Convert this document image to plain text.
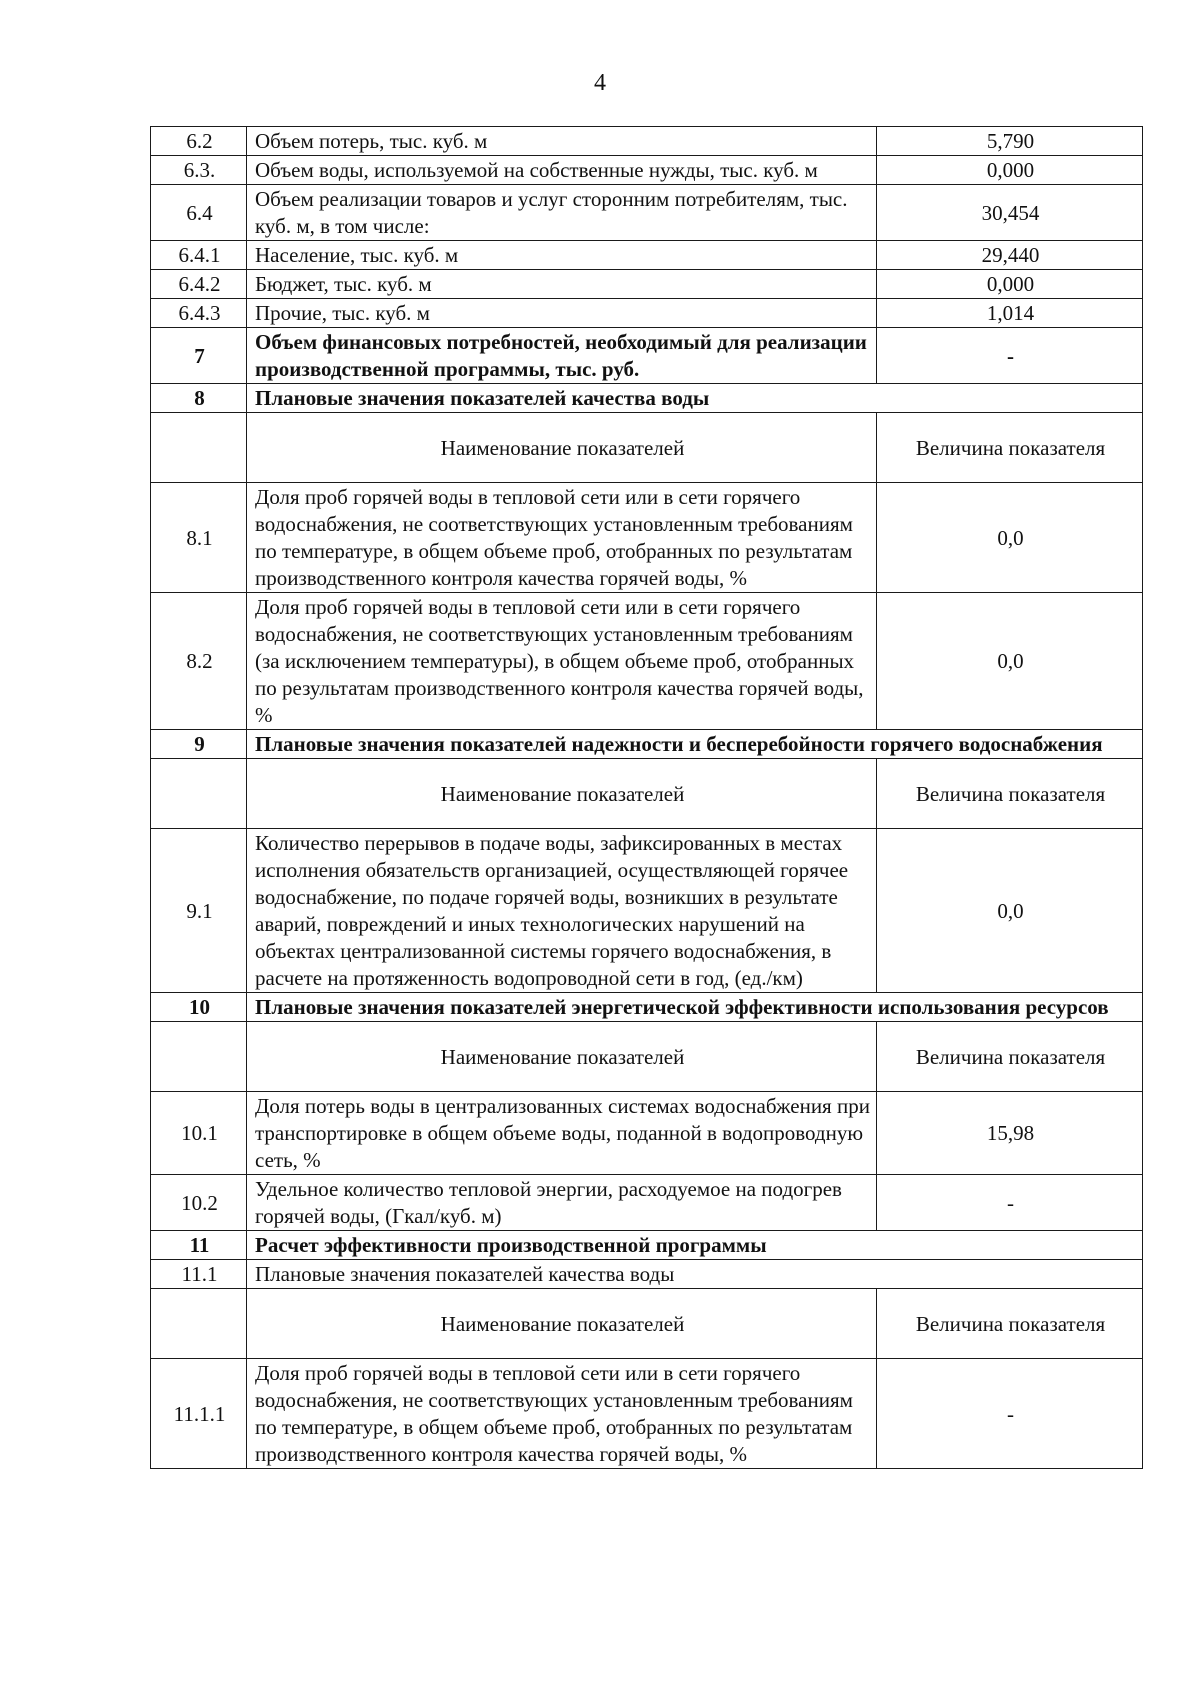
4
6.2	Объем потерь, тыс. куб. м	5,790
6.3.	Объем воды, используемой на собственные нужды, тыс. куб. м	0,000
6.4	Объем реализации товаров и услуг сторонним потребителям, тыс. куб. м, в том числе:	30,454
6.4.1	Население, тыс. куб. м	29,440
6.4.2	Бюджет, тыс. куб. м	0,000
6.4.3	Прочие, тыс. куб. м	1,014
7	Объем финансовых потребностей, необходимый для реализации производственной программы, тыс. руб.	-
8	Плановые значения показателей качества воды	
	Наименование показателей	Величина показателя
8.1	Доля проб горячей воды в тепловой сети или в сети горячего водоснабжения, не соответствующих установленным требованиям по температуре, в общем объеме проб, отобранных по результатам производственного контроля качества горячей воды, %	0,0
8.2	Доля проб горячей воды в тепловой сети или в сети горячего водоснабжения, не соответствующих установленным требованиям (за исключением температуры), в общем объеме проб, отобранных по результатам производственного контроля качества горячей воды, %	0,0
9	Плановые значения показателей надежности и бесперебойности горячего водоснабжения	
	Наименование показателей	Величина показателя
9.1	Количество перерывов в подаче воды, зафиксированных в местах исполнения обязательств организацией, осуществляющей горячее водоснабжение, по подаче горячей воды, возникших в результате аварий, повреждений и иных технологических нарушений на объектах централизованной системы горячего водоснабжения, в расчете на протяженность водопроводной сети в год, (ед./км)	0,0
10	Плановые значения показателей энергетической эффективности использования ресурсов	
	Наименование показателей	Величина показателя
10.1	Доля потерь воды в централизованных системах водоснабжения при транспортировке в общем объеме воды, поданной в водопроводную сеть, %	15,98
10.2	Удельное количество тепловой энергии, расходуемое на подогрев горячей воды, (Гкал/куб. м)	-
11	Расчет эффективности производственной программы	
11.1	Плановые значения показателей качества воды	
	Наименование показателей	Величина показателя
11.1.1	Доля проб горячей воды в тепловой сети или в сети горячего водоснабжения, не соответствующих установленным требованиям по температуре, в общем объеме проб, отобранных по результатам производственного контроля качества горячей воды, %	-
